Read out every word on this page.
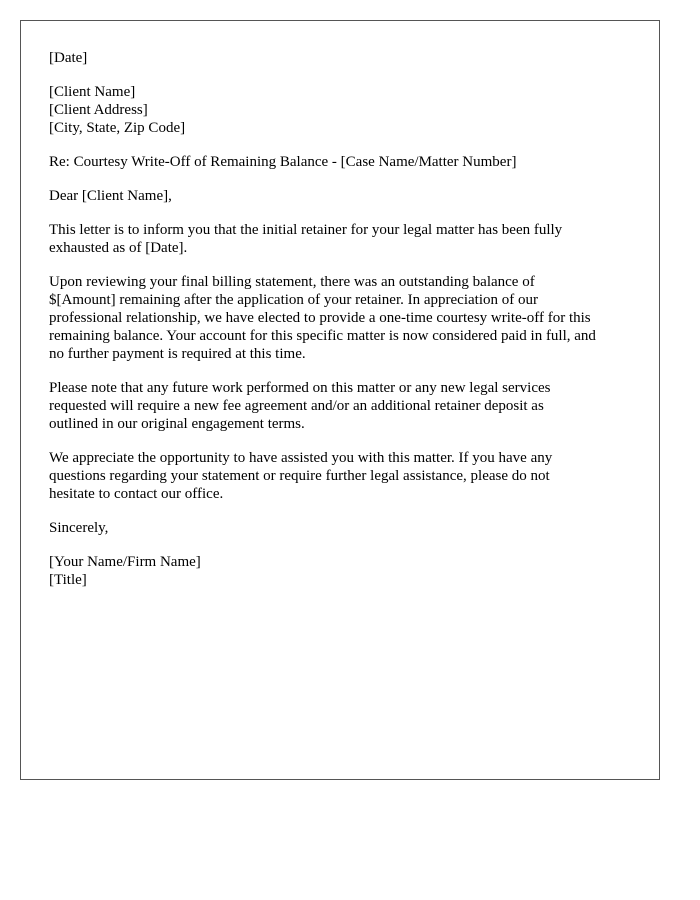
[Date]
[Client Name]
[Client Address]
[City, State, Zip Code]
Re: Courtesy Write-Off of Remaining Balance - [Case Name/Matter Number]
Dear [Client Name],
This letter is to inform you that the initial retainer for your legal matter has been fully
exhausted as of [Date].
Upon reviewing your final billing statement, there was an outstanding balance of
$[Amount] remaining after the application of your retainer. In appreciation of our
professional relationship, we have elected to provide a one-time courtesy write-off for this
remaining balance. Your account for this specific matter is now considered paid in full, and
no further payment is required at this time.
Please note that any future work performed on this matter or any new legal services
requested will require a new fee agreement and/or an additional retainer deposit as
outlined in our original engagement terms.
We appreciate the opportunity to have assisted you with this matter. If you have any
questions regarding your statement or require further legal assistance, please do not
hesitate to contact our office.
Sincerely,
[Your Name/Firm Name]
[Title]
